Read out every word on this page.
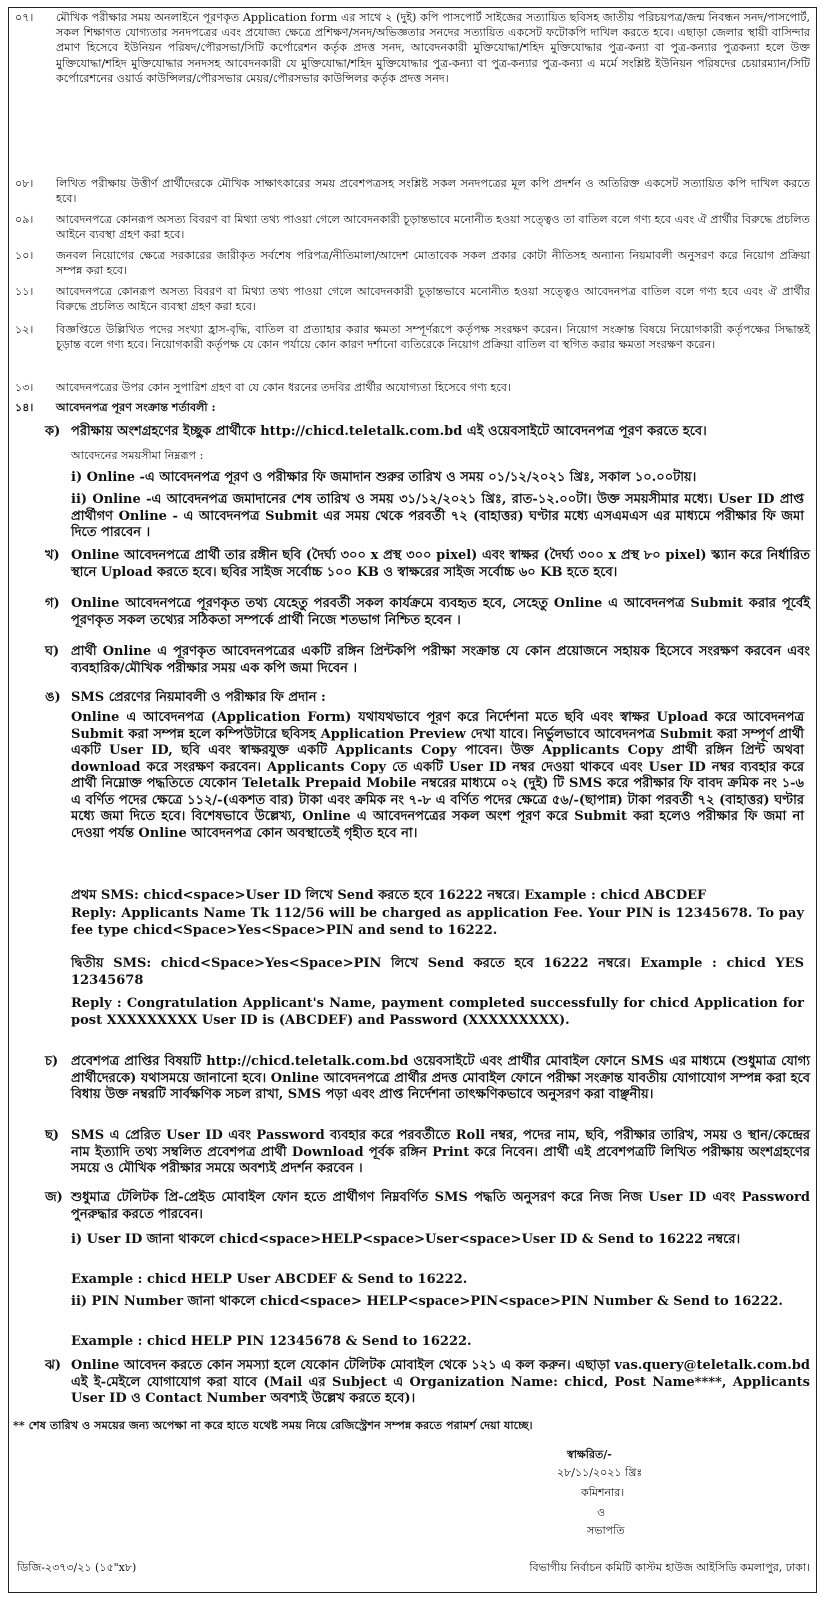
০৭।	মৌখিক পরীক্ষার সময় অনলাইনে পূরণকৃত Application form এর সাথে ২ (দুই) কপি পাসপোর্ট সাইজের সত্যায়িত ছবিসহ জাতীয় পরিচয়পত্র/জন্ম নিবন্ধন সনদ/পাসপোর্ট, সকল শিক্ষাগত যোগ্যতার সনদপত্রের এবং প্রযোজ্য ক্ষেত্রে প্রশিক্ষণ/সনদ/অভিজ্ঞতার সনদের সত্যায়িত একসেট ফটোকপি দাখিল করতে হবে। এছাড়া জেলার স্থায়ী বাসিন্দার প্রমাণ হিসেবে ইউনিয়ন পরিষদ/পৌরসভা/সিটি কর্পোরেশন কর্তৃক প্রদত্ত সনদ, আবেদনকারী মুক্তিযোদ্ধা/শহিদ মুক্তিযোদ্ধার পুত্র-কন্যা বা পুত্র-কন্যার পুত্রকন্যা হলে উক্ত মুক্তিযোদ্ধা/শহিদ মুক্তিযোদ্ধার সনদসহ আবেদনকারী যে মুক্তিযোদ্ধা/শহিদ মুক্তিযোদ্ধার পুত্র-কন্যা বা পুত্র-কন্যার পুত্র-কন্যা এ মর্মে সংশ্লিষ্ট ইউনিয়ন পরিষদের চেয়ারম্যান/সিটি কর্পোরেশনের ওয়ার্ড কাউন্সিলর/পৌরসভার মেয়র/পৌরসভার কাউন্সিলর কর্তৃক প্রদত্ত সনদ।
০৮।	লিখিত পরীক্ষায় উত্তীর্ণ প্রার্থীদেরকে মৌখিক সাক্ষাৎকারের সময় প্রবেশপত্রসহ সংশ্লিষ্ট সকল সনদপত্রের মূল কপি প্রদর্শন ও অতিরিক্ত একসেট সত্যায়িত কপি দাখিল করতে হবে।
০৯।	আবেদনপত্রে কোনরূপ অসত্য বিবরণ বা মিথ্যা তথ্য পাওয়া গেলে আবেদনকারী চূড়ান্তভাবে মনোনীত হওয়া সত্ত্বেও তা বাতিল বলে গণ্য হবে এবং ঐ প্রার্থীর বিরুদ্ধে প্রচলিত আইনে ব্যবস্থা গ্রহণ করা হবে।
১০।	জনবল নিয়োগের ক্ষেত্রে সরকারের জারীকৃত সর্বশেষ পরিপত্র/নীতিমালা/আদেশ মোতাবেক সকল প্রকার কোটা নীতিসহ অন্যান্য নিয়মাবলী অনুসরণ করে নিয়োগ প্রক্রিয়া সম্পন্ন করা হবে।
১১।	আবেদনপত্রে কোনরূপ অসত্য বিবরণ বা মিথ্যা তথ্য পাওয়া গেলে আবেদনকারী চূড়ান্তভাবে মনোনীত হওয়া সত্ত্বেও আবেদনপত্র বাতিল বলে গণ্য হবে এবং ঐ প্রার্থীর বিরুদ্ধে প্রচলিত আইনে ব্যবস্থা গ্রহণ করা হবে।
১২।	বিজ্ঞপ্তিতে উল্লিখিত পদের সংখ্যা হ্রাস-বৃদ্ধি, বাতিল বা প্রত্যাহার করার ক্ষমতা সম্পূর্ণরূপে কর্তৃপক্ষ সংরক্ষণ করেন। নিয়োগ সংক্রান্ত বিষয়ে নিয়োগকারী কর্তৃপক্ষের সিদ্ধান্তই চূড়ান্ত বলে গণ্য হবে। নিয়োগকারী কর্তৃপক্ষ যে কোন পর্যায়ে কোন কারণ দর্শানো ব্যতিরেকে নিয়োগ প্রক্রিয়া বাতিল বা স্থগিত করার ক্ষমতা সংরক্ষণ করেন।
১৩।	আবেদনপত্রের উপর কোন সুপারিশ গ্রহণ বা যে কোন ধরনের তদবির প্রার্থীর অযোগ্যতা হিসেবে গণ্য হবে।
১৪।	আবেদনপত্র পূরণ সংক্রান্ত শর্তাবলী :
ক) পরীক্ষায় অংশগ্রহণের ইচ্ছুক প্রার্থীকে http://chicd.teletalk.com.bd এই ওয়েবসাইটে আবেদনপত্র পূরণ করতে হবে।
আবেদনের সময়সীমা নিম্নরূপ :
i) Online -এ আবেদনপত্র পূরণ ও পরীক্ষার ফি জমাদান শুরুর তারিখ ও সময় ০১/১২/২০২১ খ্রিঃ, সকাল ১০.০০টায়।
ii) Online -এ আবেদনপত্র জমাদানের শেষ তারিখ ও সময় ৩১/১২/২০২১ খ্রিঃ, রাত-১২.০০টা। উক্ত সময়সীমার মধ্যে। User ID প্রাপ্ত প্রার্থীগণ Online - এ আবেদনপত্র Submit এর সময় থেকে পরবর্তী ৭২ (বাহাত্তর) ঘণ্টার মধ্যে এসএমএস এর মাধ্যমে পরীক্ষার ফি জমা দিতে পারবেন ।
খ) Online আবেদনপত্রে প্রার্থী তার রঙ্গীন ছবি (দৈর্ঘ্য ৩০০ x প্রস্থ ৩০০ pixel) এবং স্বাক্ষর (দৈর্ঘ্য ৩০০ x প্রস্থ ৮০ pixel) স্ক্যান করে নির্ধারিত স্থানে Upload করতে হবে। ছবির সাইজ সর্বোচ্চ ১০০ KB ও স্বাক্ষরের সাইজ সর্বোচ্চ ৬০ KB হতে হবে।
গ) Online আবেদনপত্রে পূরণকৃত তথ্য যেহেতু পরবর্তী সকল কার্যক্রমে ব্যবহৃত হবে, সেহেতু Online এ আবেদনপত্র Submit করার পূর্বেই পূরণকৃত সকল তথ্যের সঠিকতা সম্পর্কে প্রার্থী নিজে শতভাগ নিশ্চিত হবেন ।
ঘ) প্রার্থী Online এ পূরণকৃত আবেদনপত্রের একটি রঙ্গিন প্রিন্টকপি পরীক্ষা সংক্রান্ত যে কোন প্রয়োজনে সহায়ক হিসেবে সংরক্ষণ করবেন এবং ব্যবহারিক/মৌখিক পরীক্ষার সময় এক কপি জমা দিবেন ।
ঙ) SMS প্রেরণের নিয়মাবলী ও পরীক্ষার ফি প্রদান :
Online এ আবেদনপত্র (Application Form) যথাযথভাবে পূরণ করে নির্দেশনা মতে ছবি এবং স্বাক্ষর Upload করে আবেদনপত্র Submit করা সম্পন্ন হলে কম্পিউটারে ছবিসহ Application Preview দেখা যাবে। নির্ভুলভাবে আবেদনপত্র Submit করা সম্পূর্ণ প্রার্থী একটি User ID, ছবি এবং স্বাক্ষরযুক্ত একটি Applicants Copy পাবেন। উক্ত Applicants Copy প্রার্থী রঙ্গিন প্রিন্ট অথবা download করে সংরক্ষণ করবেন। Applicants Copy তে একটি User ID নম্বর দেওয়া থাকবে এবং User ID নম্বর ব্যবহার করে প্রার্থী নিম্নোক্ত পদ্ধতিতে যেকোন Teletalk Prepaid Mobile নম্বরের মাধ্যমে ০২ (দুই) টি SMS করে পরীক্ষার ফি বাবদ ক্রমিক নং ১-৬ এ বর্ণিত পদের ক্ষেত্রে ১১২/-(একশত বার) টাকা এবং ক্রমিক নং ৭-৮ এ বর্ণিত পদের ক্ষেত্রে ৫৬/-(ছাপান্ন) টাকা পরবর্তী ৭২ (বাহাত্তর) ঘণ্টার মধ্যে জমা দিতে হবে। বিশেষভাবে উল্লেখ্য, Online এ আবেদনপত্রের সকল অংশ পূরণ করে Submit করা হলেও পরীক্ষার ফি জমা না দেওয়া পর্যন্ত Online আবেদনপত্র কোন অবস্থাতেই গৃহীত হবে না।
প্রথম SMS: chicd<space>User ID লিখে Send করতে হবে 16222 নম্বরে। Example : chicd ABCDEF
Reply: Applicants Name Tk 112/56 will be charged as application Fee. Your PIN is 12345678. To pay fee type chicd<Space>Yes<Space>PIN and send to 16222.
দ্বিতীয় SMS: chicd<Space>Yes<Space>PIN লিখে Send করতে হবে 16222 নম্বরে। Example : chicd YES 12345678
Reply : Congratulation Applicant's Name, payment completed successfully for chicd Application for post XXXXXXXXX User ID is (ABCDEF) and Password (XXXXXXXXX).
চ) প্রবেশপত্র প্রাপ্তির বিষয়টি http://chicd.teletalk.com.bd ওয়েবসাইটে এবং প্রার্থীর মোবাইল ফোনে SMS এর মাধ্যমে (শুধুমাত্র যোগ্য প্রার্থীদেরকে) যথাসময়ে জানানো হবে। Online আবেদনপত্রে প্রার্থীর প্রদত্ত মোবাইল ফোনে পরীক্ষা সংক্রান্ত যাবতীয় যোগাযোগ সম্পন্ন করা হবে বিধায় উক্ত নম্বরটি সার্বক্ষণিক সচল রাখা, SMS পড়া এবং প্রাপ্ত নির্দেশনা তাৎক্ষণিকভাবে অনুসরণ করা বাঞ্ছনীয়।
ছ) SMS এ প্রেরিত User ID এবং Password ব্যবহার করে পরবর্তীতে Roll নম্বর, পদের নাম, ছবি, পরীক্ষার তারিখ, সময় ও স্থান/কেন্দ্রের নাম ইত্যাদি তথ্য সম্বলিত প্রবেশপত্র প্রার্থী Download পূর্বক রঙ্গিন Print করে নিবেন। প্রার্থী এই প্রবেশপত্রটি লিখিত পরীক্ষায় অংশগ্রহণের সময়ে ও মৌখিক পরীক্ষার সময়ে অবশ্যই প্রদর্শন করবেন ।
জ) শুধুমাত্র টেলিটক প্রি-প্রেইড মোবাইল ফোন হতে প্রার্থীগণ নিম্নবর্ণিত SMS পদ্ধতি অনুসরণ করে নিজ নিজ User ID এবং Password পুনরুদ্ধার করতে পারবেন।
i) User ID জানা থাকলে chicd<space>HELP<space>User<space>User ID & Send to 16222 নম্বরে।
Example : chicd HELP User ABCDEF & Send to 16222.
ii) PIN Number জানা থাকলে chicd<space> HELP<space>PIN<space>PIN Number & Send to 16222.
Example : chicd HELP PIN 12345678 & Send to 16222.
ঝ) Online আবেদন করতে কোন সমস্যা হলে যেকোন টেলিটক মোবাইল থেকে ১২১ এ কল করুন। এছাড়া vas.query@teletalk.com.bd এই ই-মেইলে যোগাযোগ করা যাবে (Mail এর Subject এ Organization Name: chicd, Post Name****, Applicants User ID ও Contact Number অবশ্যই উল্লেখ করতে হবে)।
** শেষ তারিখ ও সময়ের জন্য অপেক্ষা না করে হাতে যথেষ্ট সময় নিয়ে রেজিস্ট্রেশন সম্পন্ন করতে পরামর্শ দেয়া যাচ্ছে।
স্বাক্ষরিত/-
২৮/১১/২০২১ খ্রিঃ
কমিশনার।
ও
সভাপতি
ডিজি-২৩৭৩/২১ (১৫"x৮)	বিভাগীয় নির্বাচন কমিটি কাস্টম হাউজ আইসিডি কমলাপুর, ঢাকা।
